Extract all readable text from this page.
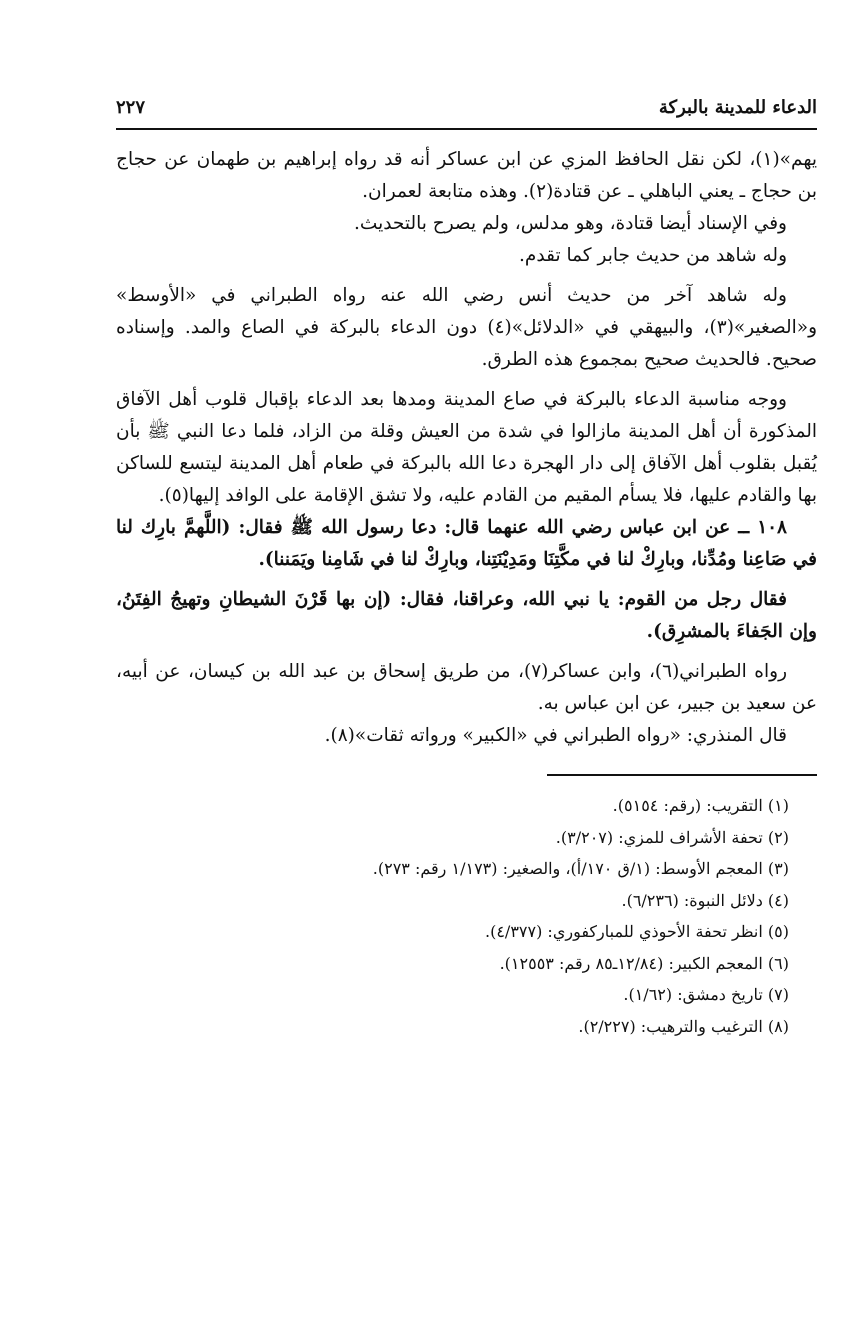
الدعاء للمدينة بالبركة
٢٢٧

يهم»(١)، لكن نقل الحافظ المزي عن ابن عساكر أنه قد رواه إبراهيم بن طهمان عن حجاج بن حجاج ـ يعني الباهلي ـ عن قتادة(٢). وهذه متابعة لعمران.

وفي الإسناد أيضا قتادة، وهو مدلس، ولم يصرح بالتحديث.

وله شاهد من حديث جابر كما تقدم.

وله شاهد آخر من حديث أنس رضي الله عنه رواه الطبراني في «الأوسط» و«الصغير»(٣)، والبيهقي في «الدلائل»(٤) دون الدعاء بالبركة في الصاع والمد. وإسناده صحيح. فالحديث صحيح بمجموع هذه الطرق.

ووجه مناسبة الدعاء بالبركة في صاع المدينة ومدها بعد الدعاء بإقبال قلوب أهل الآفاق المذكورة أن أهل المدينة مازالوا في شدة من العيش وقلة من الزاد، فلما دعا النبي ﷺ بأن يُقبل بقلوب أهل الآفاق إلى دار الهجرة دعا الله بالبركة في طعام أهل المدينة ليتسع للساكن بها والقادم عليها، فلا يسأم المقيم من القادم عليه، ولا تشق الإقامة على الوافد إليها(٥).

١٠٨ ــ عن ابن عباس رضي الله عنهما قال: دعا رسول الله ﷺ فقال: (اللَّهمَّ بارِك لنا في صَاعِنا ومُدِّنا، وبارِكْ لنا في مكَّتِنَا ومَدِيْنَتِنا، وبارِكْ لنا في شَامِنا ويَمَننا).

فقال رجل من القوم: يا نبي الله، وعراقنا، فقال: (إن بها قَرْنَ الشيطانِ وتهيجُ الفِتَنُ، وإن الجَفاءَ بالمشرِق).

رواه الطبراني(٦)، وابن عساكر(٧)، من طريق إسحاق بن عبد الله بن كيسان، عن أبيه، عن سعيد بن جبير، عن ابن عباس به.

قال المنذري: «رواه الطبراني في «الكبير» ورواته ثقات»(٨).

(١) التقريب: (رقم: ٥١٥٤).
(٢) تحفة الأشراف للمزي: (٣/٢٠٧).
(٣) المعجم الأوسط: (١/ق ١٧٠/أ)، والصغير: (١/١٧٣ رقم: ٢٧٣).
(٤) دلائل النبوة: (٦/٢٣٦).
(٥) انظر تحفة الأحوذي للمباركفوري: (٤/٣٧٧).
(٦) المعجم الكبير: (١٢/٨٤ـ٨٥ رقم: ١٢٥٥٣).
(٧) تاريخ دمشق: (١/٦٢).
(٨) الترغيب والترهيب: (٢/٢٢٧).
